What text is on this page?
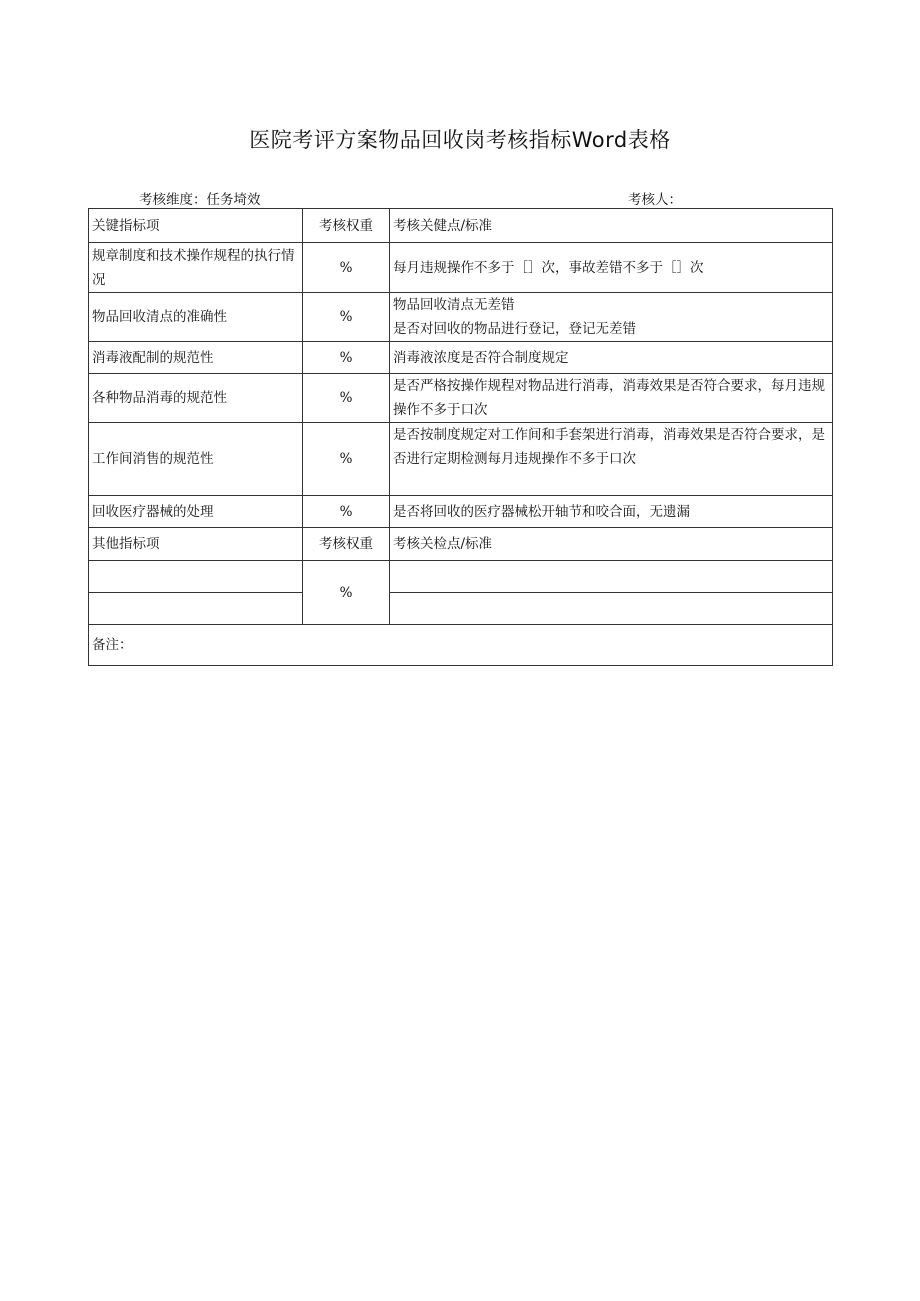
医院考评方案物品回收岗考核指标Word表格
考核维度：任务埼效	考核人：
关键指标项	考核权重	考核关健点/标准
规章制度和技术操作规程的执行情况	%	每月违规操作不多于［］次，事故差错不多于［］次

物品回收清点的准确性	%	物品回收清点无差错
是否对回收的物品进行登记，登记无差错

消毒液配制的规范性	%	消毒液浓度是否符合制度规定

各种物品消毒的规范性	%	是否严格按操作规程对物品进行消毒，消毒效果是否符合要求，每月违规操作不多于口次

工作间消售的规范性	%	是否按制度规定对工作间和手套架进行消毒，消毒效果是否符合要求，是否进行定期检测每月违规操作不多于口次

回收医疗器械的处理	%	是否将回收的医疗器械松开轴节和咬合面，无遗漏

其他指标项	考核权重	考核关检点/标准
	%	

备注：		
